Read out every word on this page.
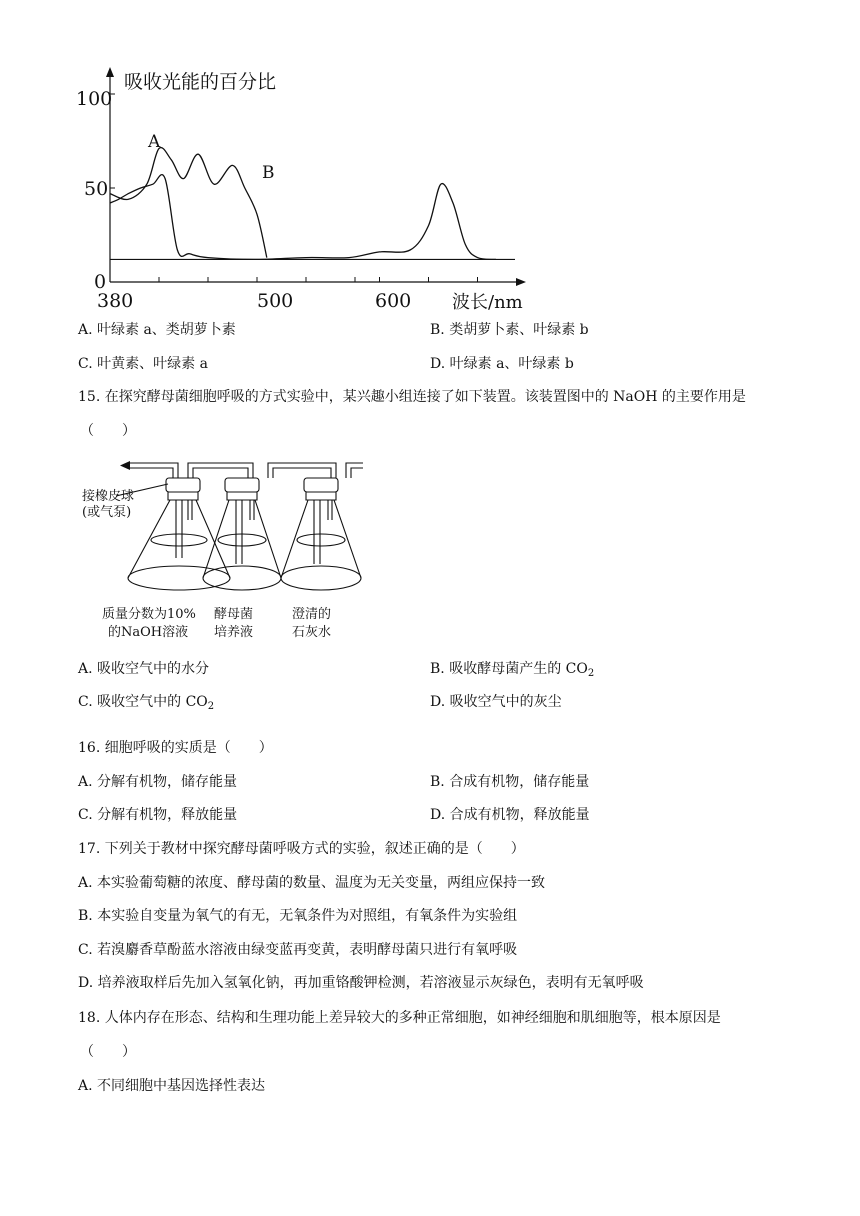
吸收光能的百分比
波长/nm
100
50
0
380	500	600
A
B
A. 叶绿素 a、类胡萝卜素	B. 类胡萝卜素、叶绿素 b
C. 叶黄素、叶绿素 a	D. 叶绿素 a、叶绿素 b
15. 在探究酵母菌细胞呼吸的方式实验中，某兴趣小组连接了如下装置。该装置图中的 NaOH 的主要作用是
（　　）
接橡皮球
(或气泵)
质量分数为10%
的NaOH溶液
酵母菌
培养液
澄清的
石灰水
A. 吸收空气中的水分	B. 吸收酵母菌产生的 $CO_2$
C. 吸收空气中的 $CO_2$	D. 吸收空气中的灰尘
16. 细胞呼吸的实质是（　　）
A. 分解有机物，储存能量	B. 合成有机物，储存能量
C. 分解有机物，释放能量	D. 合成有机物，释放能量
17. 下列关于教材中探究酵母菌呼吸方式的实验，叙述正确的是（　　）
A. 本实验葡萄糖的浓度、酵母菌的数量、温度为无关变量，两组应保持一致
B. 本实验自变量为氧气的有无，无氧条件为对照组，有氧条件为实验组
C. 若溴麝香草酚蓝水溶液由绿变蓝再变黄，表明酵母菌只进行有氧呼吸
D. 培养液取样后先加入氢氧化钠，再加重铬酸钾检测，若溶液显示灰绿色，表明有无氧呼吸
18. 人体内存在形态、结构和生理功能上差异较大的多种正常细胞，如神经细胞和肌细胞等，根本原因是
（　　）
A. 不同细胞中基因选择性表达
